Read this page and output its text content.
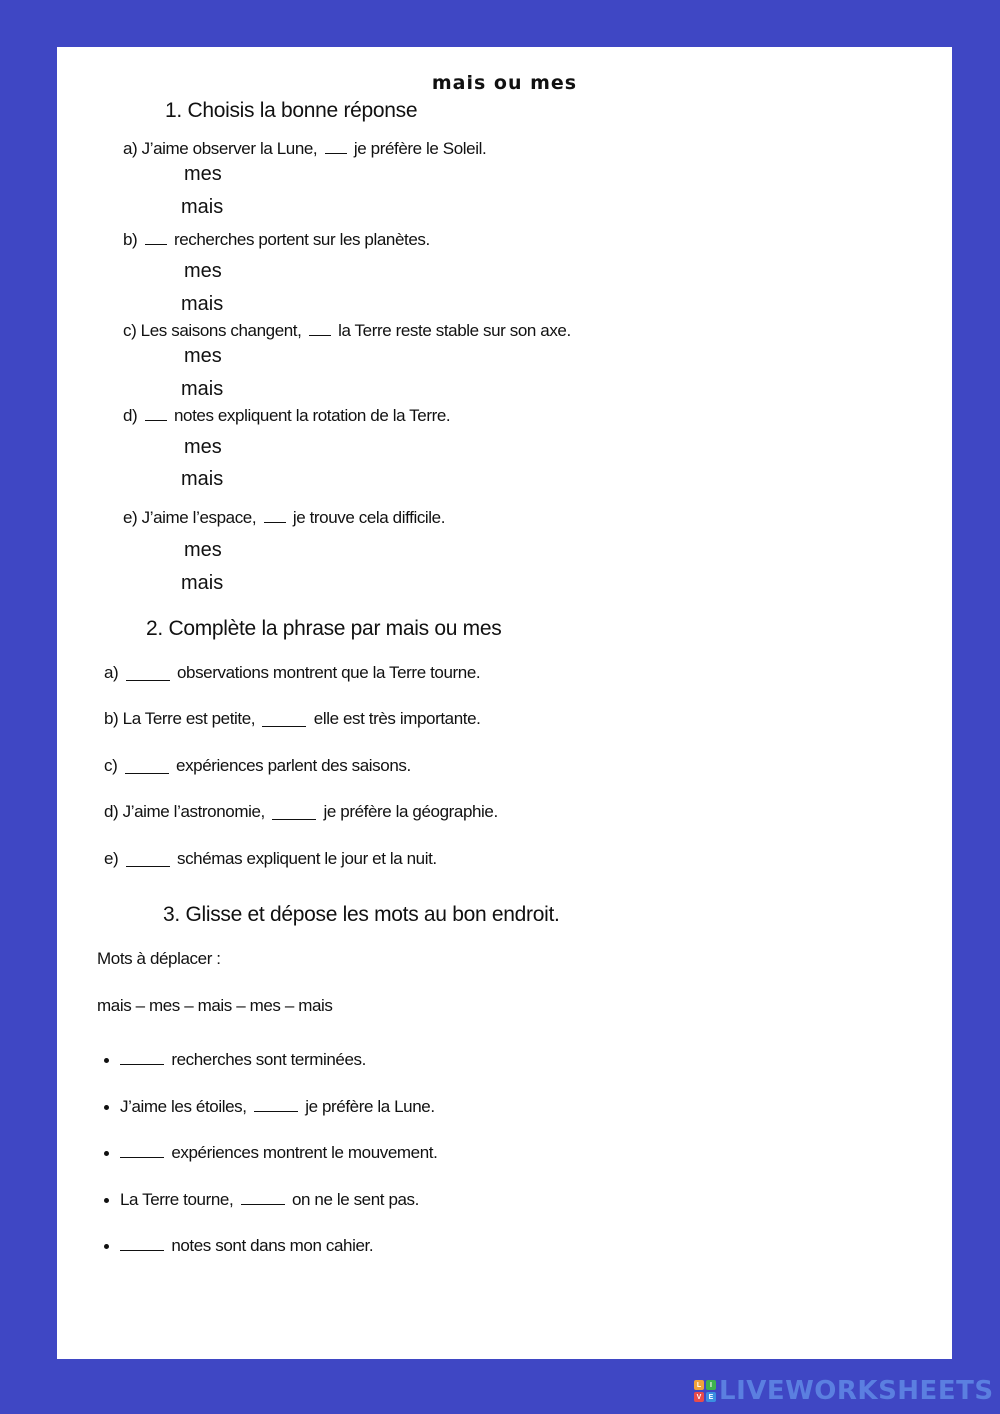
mais ou mes
1. Choisis la bonne réponse
a) J’aime observer la Lune,  je préfère le Soleil.
mes
mais
b)  recherches portent sur les planètes.
mes
mais
c) Les saisons changent,  la Terre reste stable sur son axe.
mes
mais
d)  notes expliquent la rotation de la Terre.
mes
mais
e) J’aime l’espace,  je trouve cela difficile.
mes
mais
2. Complète la phrase par mais ou mes
a)	observations montrent que la Terre tourne.
b) La Terre est petite,	elle est très importante.
c)	expériences parlent des saisons.
d) J’aime l’astronomie,	je préfère la géographie.
e)	schémas expliquent le jour et la nuit.
3. Glisse et dépose les mots au bon endroit.
Mots à déplacer :
mais – mes – mais – mes – mais
recherches sont terminées.
J’aime les étoiles,	je préfère la Lune.
expériences montrent le mouvement.
La Terre tourne,	on ne le sent pas.
notes sont dans mon cahier.
L	I
V	E LIVEWORKSHEETS
